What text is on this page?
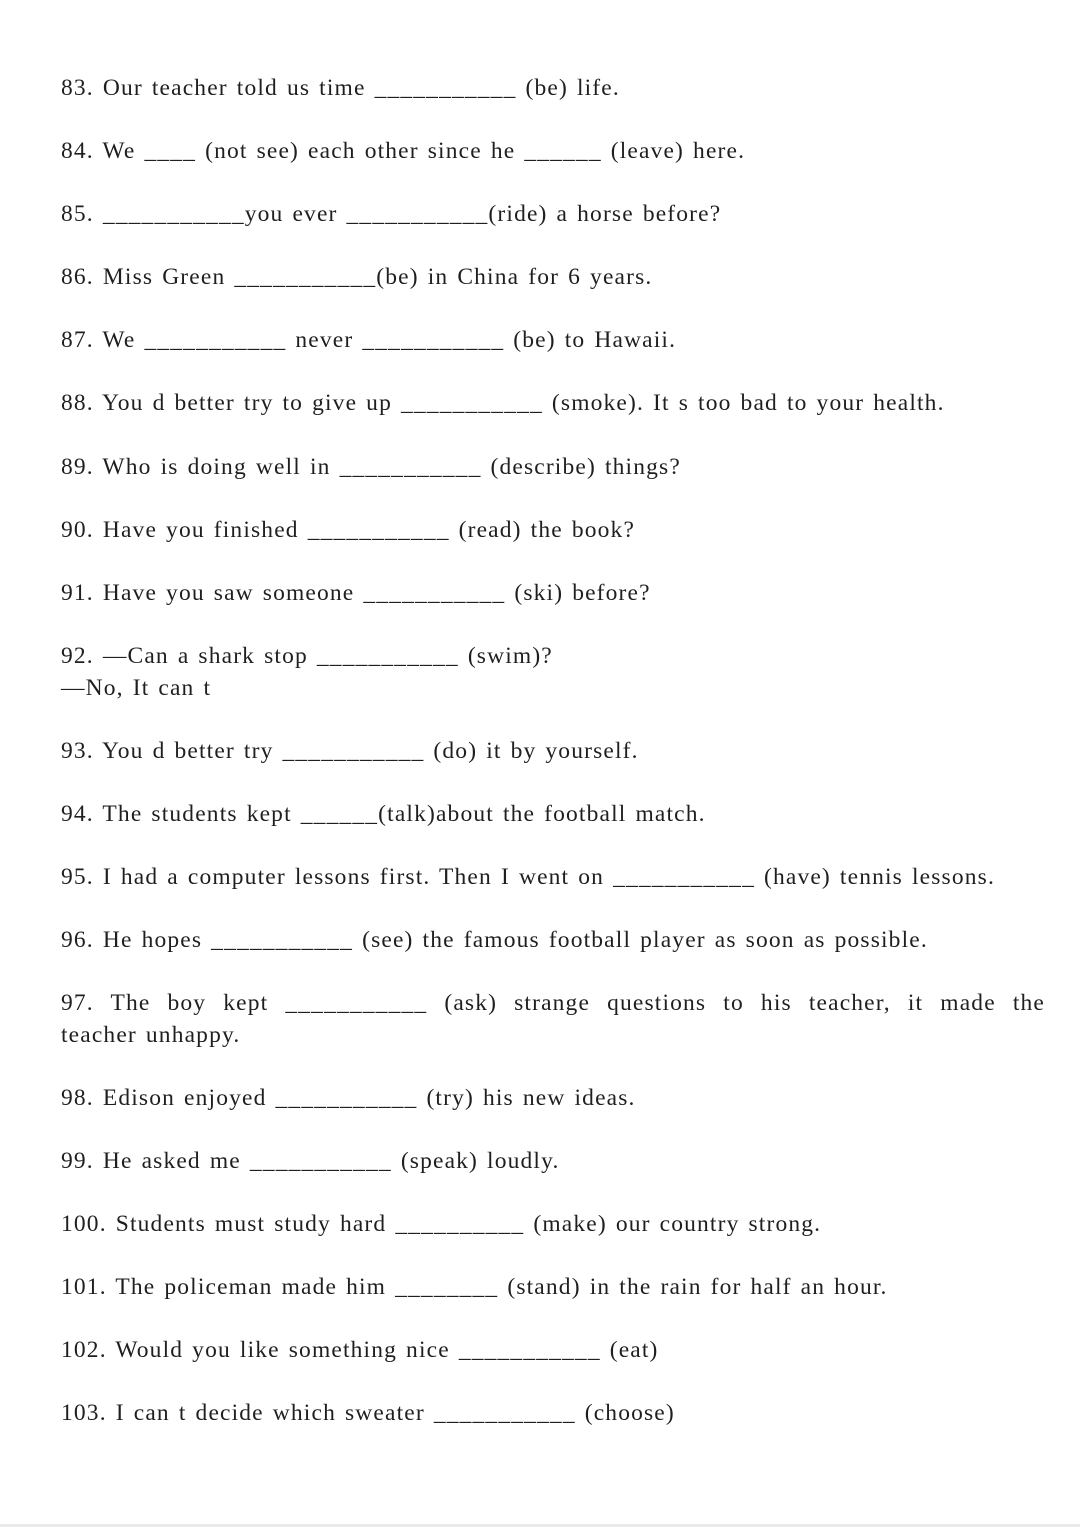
83. Our teacher told us time ___________ (be) life.
84. We ____ (not see) each other since he ______ (leave) here.
85. ___________you ever ___________(ride) a horse before?
86. Miss Green ___________(be) in China for 6 years.
87. We ___________ never ___________ (be) to Hawaii.
88. You d better try to give up ___________ (smoke). It s too bad to your health.
89. Who is doing well in ___________ (describe) things?
90. Have you finished ___________ (read) the book?
91. Have you saw someone ___________ (ski) before?
92. —Can a shark stop ___________ (swim)?
—No, It can t
93. You d better try ___________ (do) it by yourself.
94. The students kept ______(talk)about the football match.
95. I had a computer lessons first. Then I went on ___________ (have) tennis lessons.
96. He hopes ___________ (see) the famous football player as soon as possible.
97. The boy kept ___________ (ask) strange questions to his teacher, it made the
teacher unhappy.
98. Edison enjoyed ___________ (try) his new ideas.
99. He asked me ___________ (speak) loudly.
100. Students must study hard __________ (make) our country strong.
101. The policeman made him ________ (stand) in the rain for half an hour.
102. Would you like something nice ___________ (eat)
103. I can t decide which sweater ___________ (choose)
